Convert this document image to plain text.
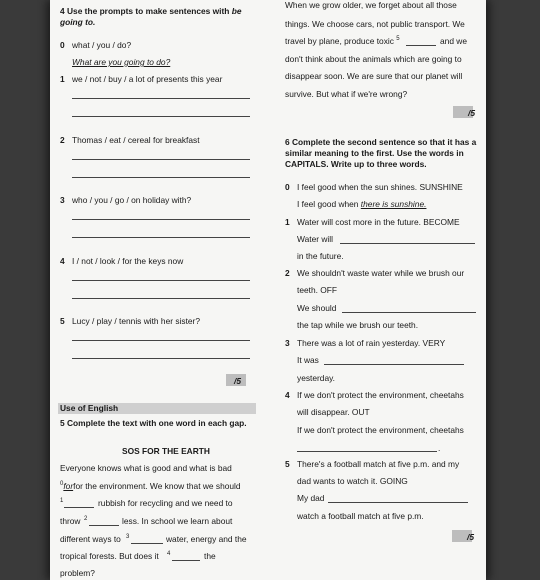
4 Use the prompts to make sentences with be
going to.
0 what / you / do?
What are you going to do?
1 we / not / buy / a lot of presents this year
2 Thomas / eat / cereal for breakfast
3 who / you / go / on holiday with?
4 I / not / look / for the keys now
5 Lucy / play / tennis with her sister?
/5
Use of English
5 Complete the text with one word in each gap.
SOS FOR THE EARTH
Everyone knows what is good and what is bad
$^0$forfor the environment. We know that we should
$^1$	rubbish for recycling and we need to
throw $^2$	less. In school we learn about
different ways to $^3$	water, energy and the
tropical forests. But does it $^4$	the
problem?
When we grow older, we forget about all those
things. We choose cars, not public transport. We
travel by plane, produce toxic $^5$	and we
don't think about the animals which are going to
disappear soon. We are sure that our planet will
survive. But what if we're wrong?
/5
6 Complete the second sentence so that it has a
similar meaning to the first. Use the words in
CAPITALS. Write up to three words.
0 I feel good when the sun shines. SUNSHINE
I feel good when there is sunshine.
1 Water will cost more in the future. BECOME
Water will
in the future.
2 We shouldn't waste water while we brush our
teeth. OFF
We should
the tap while we brush our teeth.
3 There was a lot of rain yesterday. VERY
It was
yesterday.
4 If we don't protect the environment, cheetahs
will disappear. OUT
If we don't protect the environment, cheetahs
.
5 There's a football match at five p.m. and my
dad wants to watch it. GOING
My dad
watch a football match at five p.m.
/5
